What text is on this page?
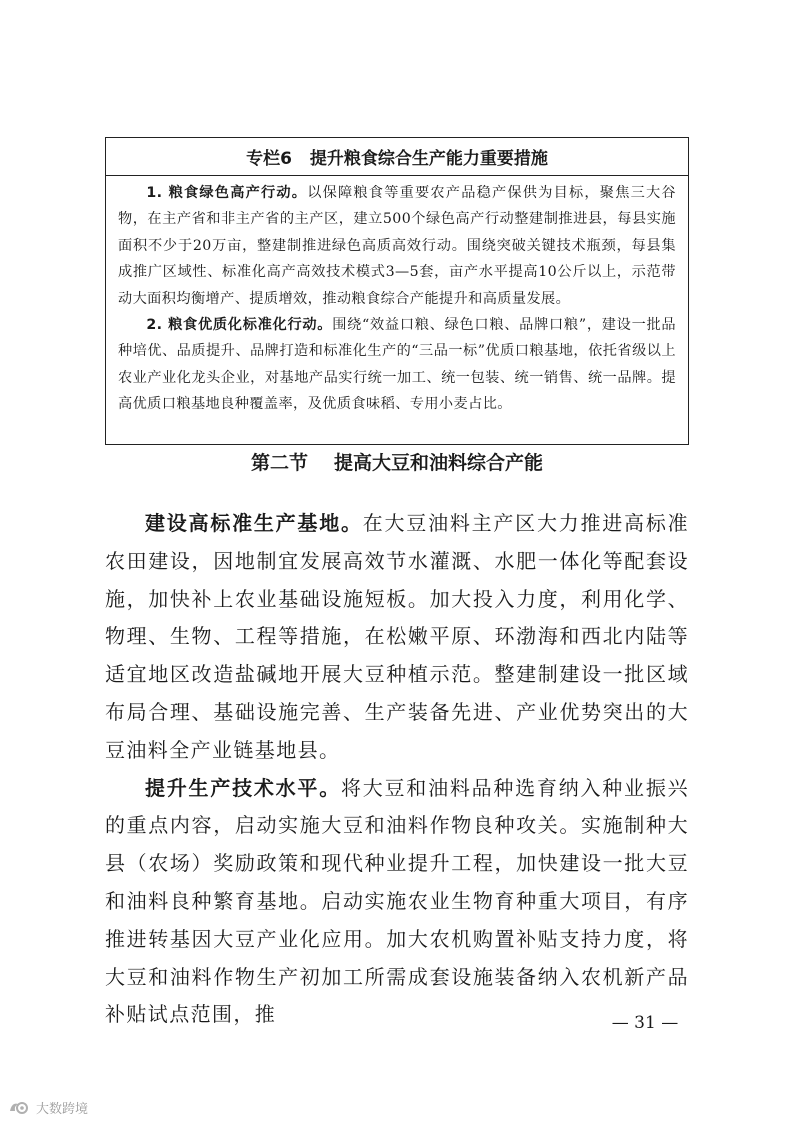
专栏6 提升粮食综合生产能力重要措施

1. 粮食绿色高产行动。以保障粮食等重要农产品稳产保供为目标，聚焦三大谷物，在主产省和非主产省的主产区，建立500个绿色高产行动整建制推进县，每县实施面积不少于20万亩，整建制推进绿色高质高效行动。围绕突破关键技术瓶颈，每县集成推广区域性、标准化高产高效技术模式3—5套，亩产水平提高10公斤以上，示范带动大面积均衡增产、提质增效，推动粮食综合产能提升和高质量发展。

2. 粮食优质化标准化行动。围绕“效益口粮、绿色口粮、品牌口粮”，建设一批品种培优、品质提升、品牌打造和标准化生产的“三品一标”优质口粮基地，依托省级以上农业产业化龙头企业，对基地产品实行统一加工、统一包装、统一销售、统一品牌。提高优质口粮基地良种覆盖率，及优质食味稻、专用小麦占比。

第二节 提高大豆和油料综合产能

建设高标准生产基地。在大豆油料主产区大力推进高标准农田建设，因地制宜发展高效节水灌溉、水肥一体化等配套设施，加快补上农业基础设施短板。加大投入力度，利用化学、物理、生物、工程等措施，在松嫩平原、环渤海和西北内陆等适宜地区改造盐碱地开展大豆种植示范。整建制建设一批区域布局合理、基础设施完善、生产装备先进、产业优势突出的大豆油料全产业链基地县。

提升生产技术水平。将大豆和油料品种选育纳入种业振兴的重点内容，启动实施大豆和油料作物良种攻关。实施制种大县（农场）奖励政策和现代种业提升工程，加快建设一批大豆和油料良种繁育基地。启动实施农业生物育种重大项目，有序推进转基因大豆产业化应用。加大农机购置补贴支持力度，将大豆和油料作物生产初加工所需成套设施装备纳入农机新产品补贴试点范围，推	— 31 —
大数跨境
